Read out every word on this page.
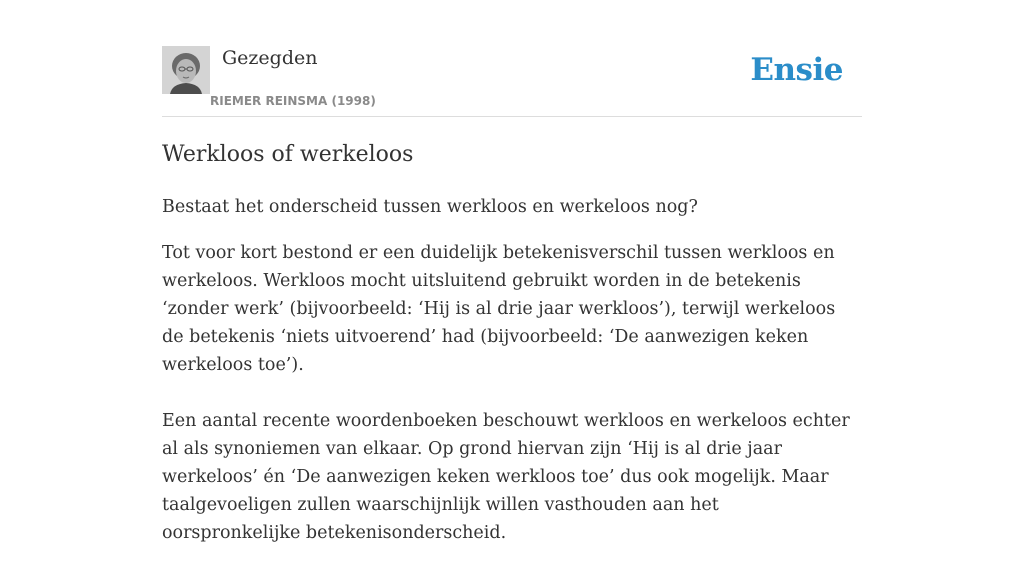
Gezegden
RIEMER REINSMA (1998)
Ensie
Werkloos of werkeloos

Bestaat het onderscheid tussen werkloos en werkeloos nog?

Tot voor kort bestond er een duidelijk betekenisverschil tussen werkloos en werkeloos. Werkloos mocht uitsluitend gebruikt worden in de betekenis ‘zonder werk’ (bijvoorbeeld: ‘Hij is al drie jaar werkloos’), terwijl werkeloos de betekenis ‘niets uitvoerend’ had (bijvoorbeeld: ‘De aanwezigen keken werkeloos toe’).

Een aantal recente woordenboeken beschouwt werkloos en werkeloos echter al als synoniemen van elkaar. Op grond hiervan zijn ‘Hij is al drie jaar werkeloos’ én ‘De aanwezigen keken werkloos toe’ dus ook mogelijk. Maar taalgevoeligen zullen waarschijnlijk willen vasthouden aan het oorspronkelijke betekenisonderscheid.
